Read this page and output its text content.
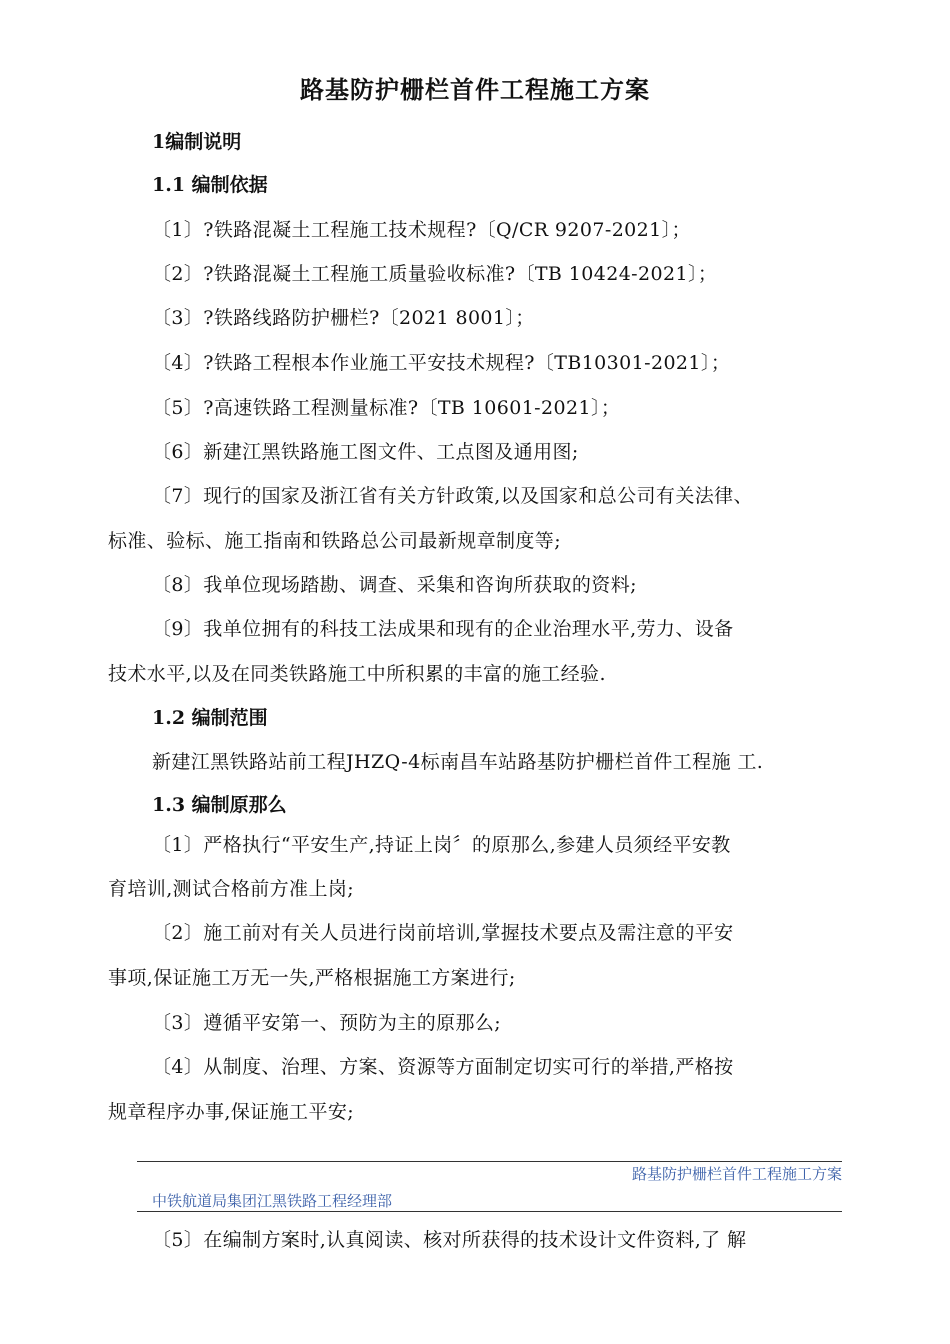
路基防护栅栏首件工程施工方案
1编制说明
1.1 编制依据
〔1〕?铁路混凝土工程施工技术规程?〔Q/CR 9207-2021〕；
〔2〕?铁路混凝土工程施工质量验收标准?〔TB 10424-2021〕；
〔3〕?铁路线路防护栅栏?〔2021 8001〕；
〔4〕?铁路工程根本作业施工平安技术规程?〔TB10301-2021〕；
〔5〕?高速铁路工程测量标准?〔TB 10601-2021〕；
〔6〕新建江黑铁路施工图文件、工点图及通用图;
〔7〕现行的国家及浙江省有关方针政策,以及国家和总公司有关法律、
标准、验标、施工指南和铁路总公司最新规章制度等;
〔8〕我单位现场踏勘、调查、采集和咨询所获取的资料;
〔9〕我单位拥有的科技工法成果和现有的企业治理水平,劳力、设备
技术水平,以及在同类铁路施工中所积累的丰富的施工经验.
1.2 编制范围
新建江黑铁路站前工程JHZQ-4标南昌车站路基防护栅栏首件工程施 工.
1.3 编制原那么
〔1〕严格执行“平安生产,持证上岗〞的原那么,参建人员须经平安教
育培训,测试合格前方准上岗;
〔2〕施工前对有关人员进行岗前培训,掌握技术要点及需注意的平安
事项,保证施工万无一失,严格根据施工方案进行;
〔3〕遵循平安第一、预防为主的原那么;
〔4〕从制度、治理、方案、资源等方面制定切实可行的举措,严格按
规章程序办事,保证施工平安;
路基防护栅栏首件工程施工方案
中铁航道局集团江黑铁路工程经理部
〔5〕在编制方案时,认真阅读、核对所获得的技术设计文件资料,了 解
